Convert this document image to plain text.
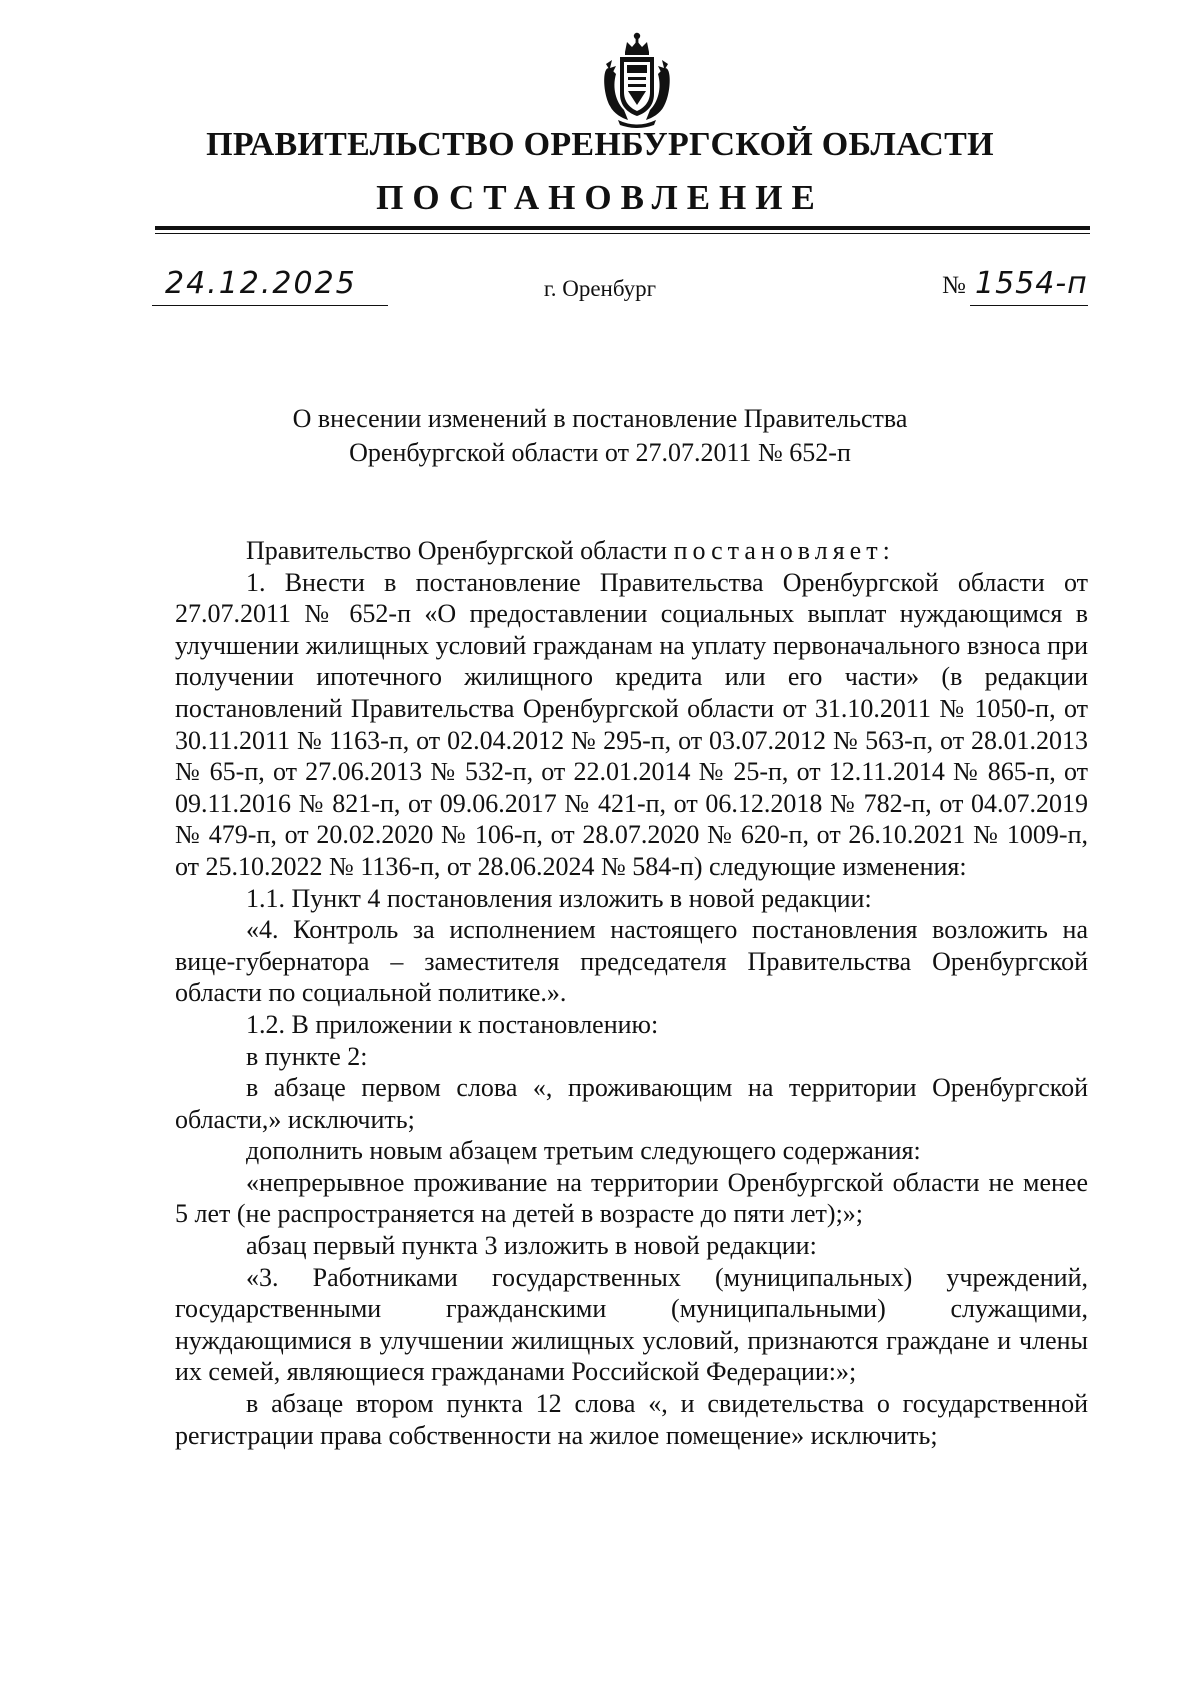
ПРАВИТЕЛЬСТВО ОРЕНБУРГСКОЙ ОБЛАСТИ
ПОСТАНОВЛЕНИЕ
24.12.2025	г. Оренбург	№ 1554-п
О внесении изменений в постановление Правительства
Оренбургской области от 27.07.2011 № 652-п

Правительство Оренбургской области постановляет:

1. Внести в постановление Правительства Оренбургской области от 27.07.2011 № 652-п «О предоставлении социальных выплат нуждающимся в улучшении жилищных условий гражданам на уплату первоначального взноса при получении ипотечного жилищного кредита или его части» (в редакции постановлений Правительства Оренбургской области от 31.10.2011 № 1050-п, от 30.11.2011 № 1163-п, от 02.04.2012 № 295-п, от 03.07.2012 № 563-п, от 28.01.2013 № 65-п, от 27.06.2013 № 532-п, от 22.01.2014 № 25-п, от 12.11.2014 № 865-п, от 09.11.2016 № 821-п, от 09.06.2017 № 421-п, от 06.12.2018 № 782-п, от 04.07.2019 № 479-п, от 20.02.2020 № 106-п, от 28.07.2020 № 620-п, от 26.10.2021 № 1009-п, от 25.10.2022 № 1136-п, от 28.06.2024 № 584-п) следующие изменения:

1.1. Пункт 4 постановления изложить в новой редакции:

«4. Контроль за исполнением настоящего постановления возложить на вице-губернатора – заместителя председателя Правительства Оренбургской области по социальной политике.».

1.2. В приложении к постановлению:

в пункте 2:

в абзаце первом слова «, проживающим на территории Оренбургской области,» исключить;

дополнить новым абзацем третьим следующего содержания:

«непрерывное проживание на территории Оренбургской области не менее 5 лет (не распространяется на детей в возрасте до пяти лет);»;

абзац первый пункта 3 изложить в новой редакции:

«3. Работниками государственных (муниципальных) учреждений, государственными гражданскими (муниципальными) служащими, нуждающимися в улучшении жилищных условий, признаются граждане и члены их семей, являющиеся гражданами Российской Федерации:»;

в абзаце втором пункта 12 слова «, и свидетельства о государственной регистрации права собственности на жилое помещение» исключить;
